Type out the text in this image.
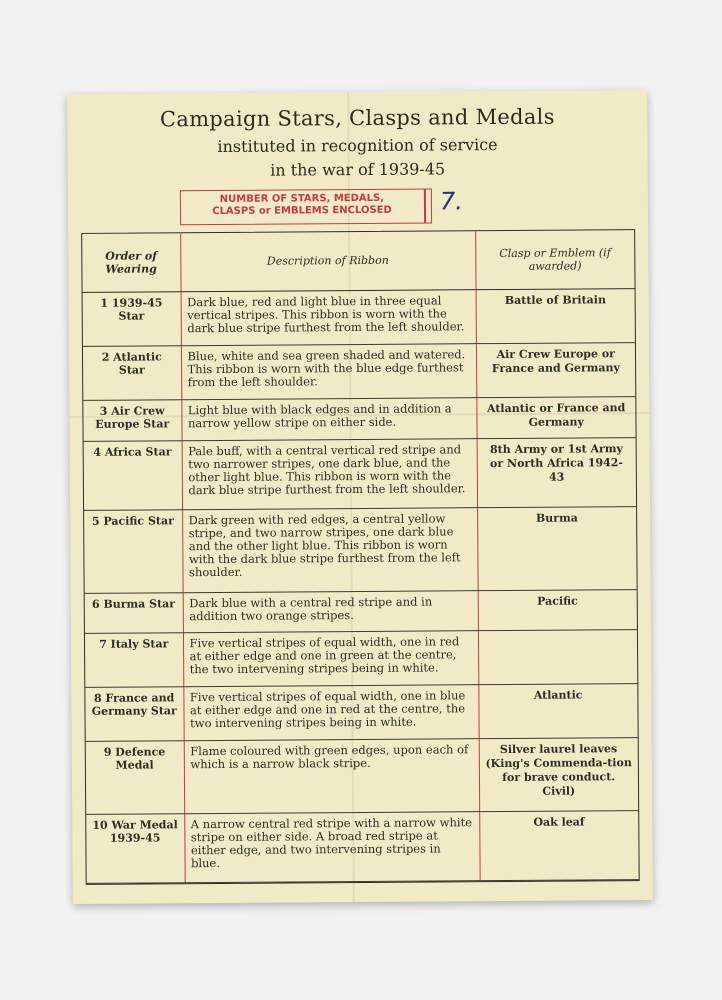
Campaign Stars, Clasps and Medals
instituted in recognition of service
in the war of 1939-45
NUMBER OF STARS, MEDALS,
CLASPS or EMBLEMS ENCLOSED	7.
Order of Wearing	Description of Ribbon	Clasp or Emblem (if awarded)
1 1939-45 Star	Dark blue, red and light blue in three equal vertical stripes. This ribbon is worn with the dark blue stripe furthest from the left shoulder.	Battle of Britain
2 Atlantic Star	Blue, white and sea green shaded and watered. This ribbon is worn with the blue edge furthest from the left shoulder.	Air Crew Europe or France and Germany
3 Air Crew Europe Star	Light blue with black edges and in addition a narrow yellow stripe on either side.	Atlantic or France and Germany
4 Africa Star	Pale buff, with a central vertical red stripe and two narrower stripes, one dark blue, and the other light blue. This ribbon is worn with the dark blue stripe furthest from the left shoulder.	8th Army or 1st Army or North Africa 1942-43
5 Pacific Star	Dark green with red edges, a central yellow stripe, and two narrow stripes, one dark blue and the other light blue. This ribbon is worn with the dark blue stripe furthest from the left shoulder.	Burma
6 Burma Star	Dark blue with a central red stripe and in addition two orange stripes.	Pacific
7 Italy Star	Five vertical stripes of equal width, one in red at either edge and one in green at the centre, the two intervening stripes being in white.	
8 France and Germany Star	Five vertical stripes of equal width, one in blue at either edge and one in red at the centre, the two intervening stripes being in white.	Atlantic
9 Defence Medal	Flame coloured with green edges, upon each of which is a narrow black stripe.	Silver laurel leaves (King's Commenda-tion for brave conduct. Civil)
10 War Medal 1939-45	A narrow central red stripe with a narrow white stripe on either side. A broad red stripe at either edge, and two intervening stripes in blue.	Oak leaf
